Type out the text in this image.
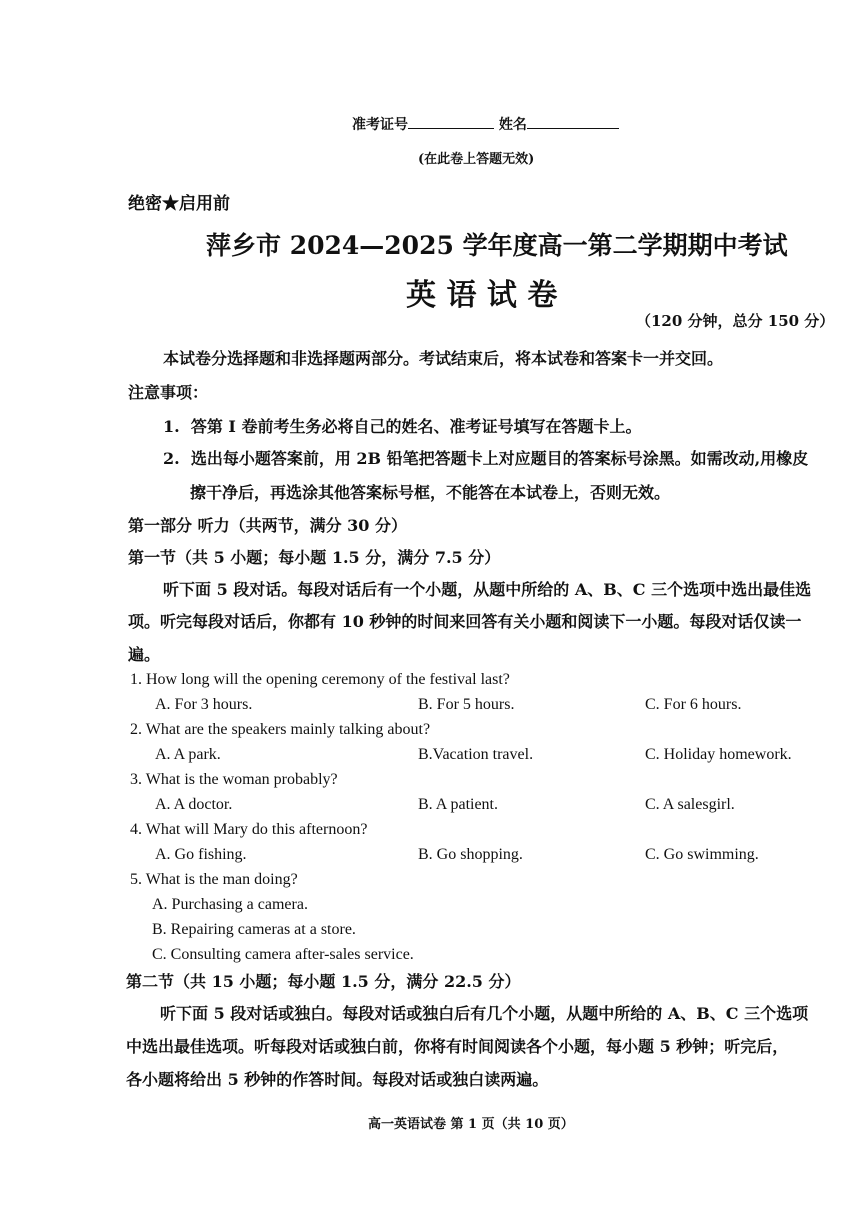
准考证号	姓名
(在此卷上答题无效)
绝密★启用前
萍乡市 2024—2025 学年度高一第二学期期中考试
英 语 试 卷
（120 分钟，总分 150 分）
本试卷分选择题和非选择题两部分。考试结束后，将本试卷和答案卡一并交回。
注意事项：
1. 答第 I 卷前考生务必将自己的姓名、准考证号填写在答题卡上。
2. 选出每小题答案前，用 2B 铅笔把答题卡上对应题目的答案标号涂黑。如需改动,用橡皮
擦干净后，再选涂其他答案标号框，不能答在本试卷上，否则无效。
第一部分 听力（共两节，满分 30 分）
第一节（共 5 小题；每小题 1.5 分，满分 7.5 分）
听下面 5 段对话。每段对话后有一个小题，从题中所给的 A、B、C 三个选项中选出最佳选
项。听完每段对话后，你都有 10 秒钟的时间来回答有关小题和阅读下一小题。每段对话仅读一
遍。
1. How long will the opening ceremony of the festival last?
A. For 3 hours.	B. For 5 hours.	C. For 6 hours.
2. What are the speakers mainly talking about?
A. A park.	B.Vacation travel.	C. Holiday homework.
3. What is the woman probably?
A. A doctor.	B. A patient.	C. A salesgirl.
4. What will Mary do this afternoon?
A. Go fishing.	B. Go shopping.	C. Go swimming.
5. What is the man doing?
A. Purchasing a camera.
B. Repairing cameras at a store.
C. Consulting camera after-sales service.
第二节（共 15 小题；每小题 1.5 分，满分 22.5 分）
听下面 5 段对话或独白。每段对话或独白后有几个小题，从题中所给的 A、B、C 三个选项
中选出最佳选项。听每段对话或独白前，你将有时间阅读各个小题，每小题 5 秒钟；听完后，
各小题将给出 5 秒钟的作答时间。每段对话或独白读两遍。
高一英语试卷 第 1 页（共 10 页）
